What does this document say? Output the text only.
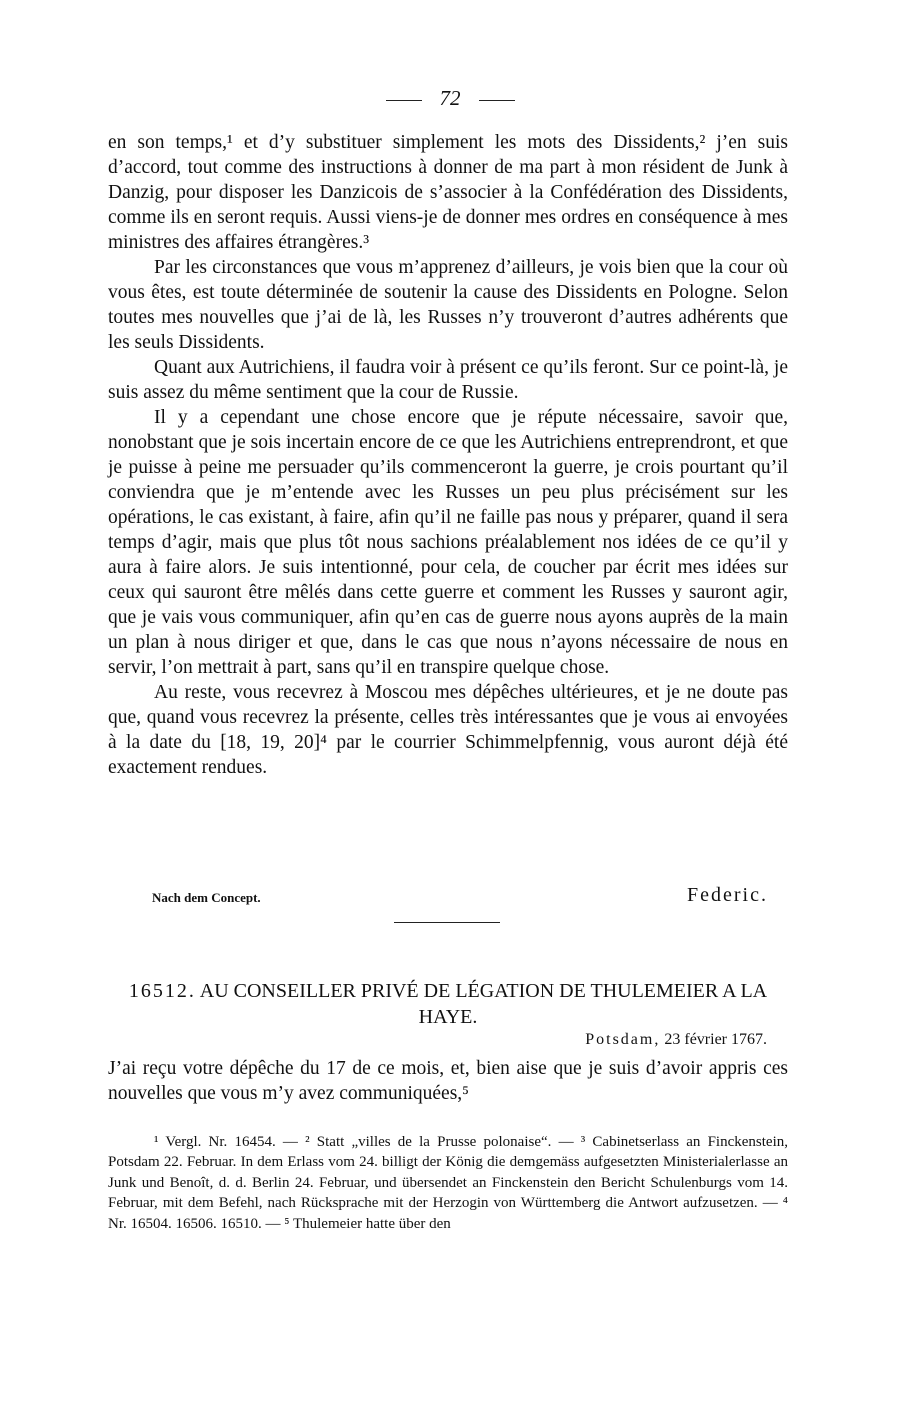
72

en son temps,¹ et d’y substituer simplement les mots des Dissidents,² j’en suis d’accord, tout comme des instructions à donner de ma part à mon résident de Junk à Danzig, pour disposer les Danzicois de s’associer à la Confédération des Dissidents, comme ils en seront requis. Aussi viens-je de donner mes ordres en conséquence à mes ministres des affaires étrangères.³

Par les circonstances que vous m’apprenez d’ailleurs, je vois bien que la cour où vous êtes, est toute déterminée de soutenir la cause des Dissidents en Pologne. Selon toutes mes nouvelles que j’ai de là, les Russes n’y trouveront d’autres adhérents que les seuls Dissidents.

Quant aux Autrichiens, il faudra voir à présent ce qu’ils feront. Sur ce point-là, je suis assez du même sentiment que la cour de Russie.

Il y a cependant une chose encore que je répute nécessaire, savoir que, nonobstant que je sois incertain encore de ce que les Autrichiens entreprendront, et que je puisse à peine me persuader qu’ils commenceront la guerre, je crois pourtant qu’il conviendra que je m’entende avec les Russes un peu plus précisément sur les opérations, le cas existant, à faire, afin qu’il ne faille pas nous y préparer, quand il sera temps d’agir, mais que plus tôt nous sachions préalablement nos idées de ce qu’il y aura à faire alors. Je suis intentionné, pour cela, de coucher par écrit mes idées sur ceux qui sauront être mêlés dans cette guerre et comment les Russes y sauront agir, que je vais vous communiquer, afin qu’en cas de guerre nous ayons auprès de la main un plan à nous diriger et que, dans le cas que nous n’ayons nécessaire de nous en servir, l’on mettrait à part, sans qu’il en transpire quelque chose.

Au reste, vous recevrez à Moscou mes dépêches ultérieures, et je ne doute pas que, quand vous recevrez la présente, celles très intéressantes que je vous ai envoyées à la date du [18, 19, 20]⁴ par le courrier Schimmelpfennig, vous auront déjà été exactement rendues.

Nach dem Concept.	Federic.
16512. AU CONSEILLER PRIVÉ DE LÉGATION DE THULEMEIER A LA HAYE.
Potsdam, 23 février 1767.
J’ai reçu votre dépêche du 17 de ce mois, et, bien aise que je suis d’avoir appris ces nouvelles que vous m’y avez communiquées,⁵

¹ Vergl. Nr. 16454. — ² Statt „villes de la Prusse polonaise“. — ³ Cabinetserlass an Finckenstein, Potsdam 22. Februar. In dem Erlass vom 24. billigt der König die demgemäss aufgesetzten Ministerialerlasse an Junk und Benoît, d. d. Berlin 24. Februar, und übersendet an Finckenstein den Bericht Schulenburgs vom 14. Februar, mit dem Befehl, nach Rücksprache mit der Herzogin von Württemberg die Antwort aufzusetzen. — ⁴ Nr. 16504. 16506. 16510. — ⁵ Thulemeier hatte über den
